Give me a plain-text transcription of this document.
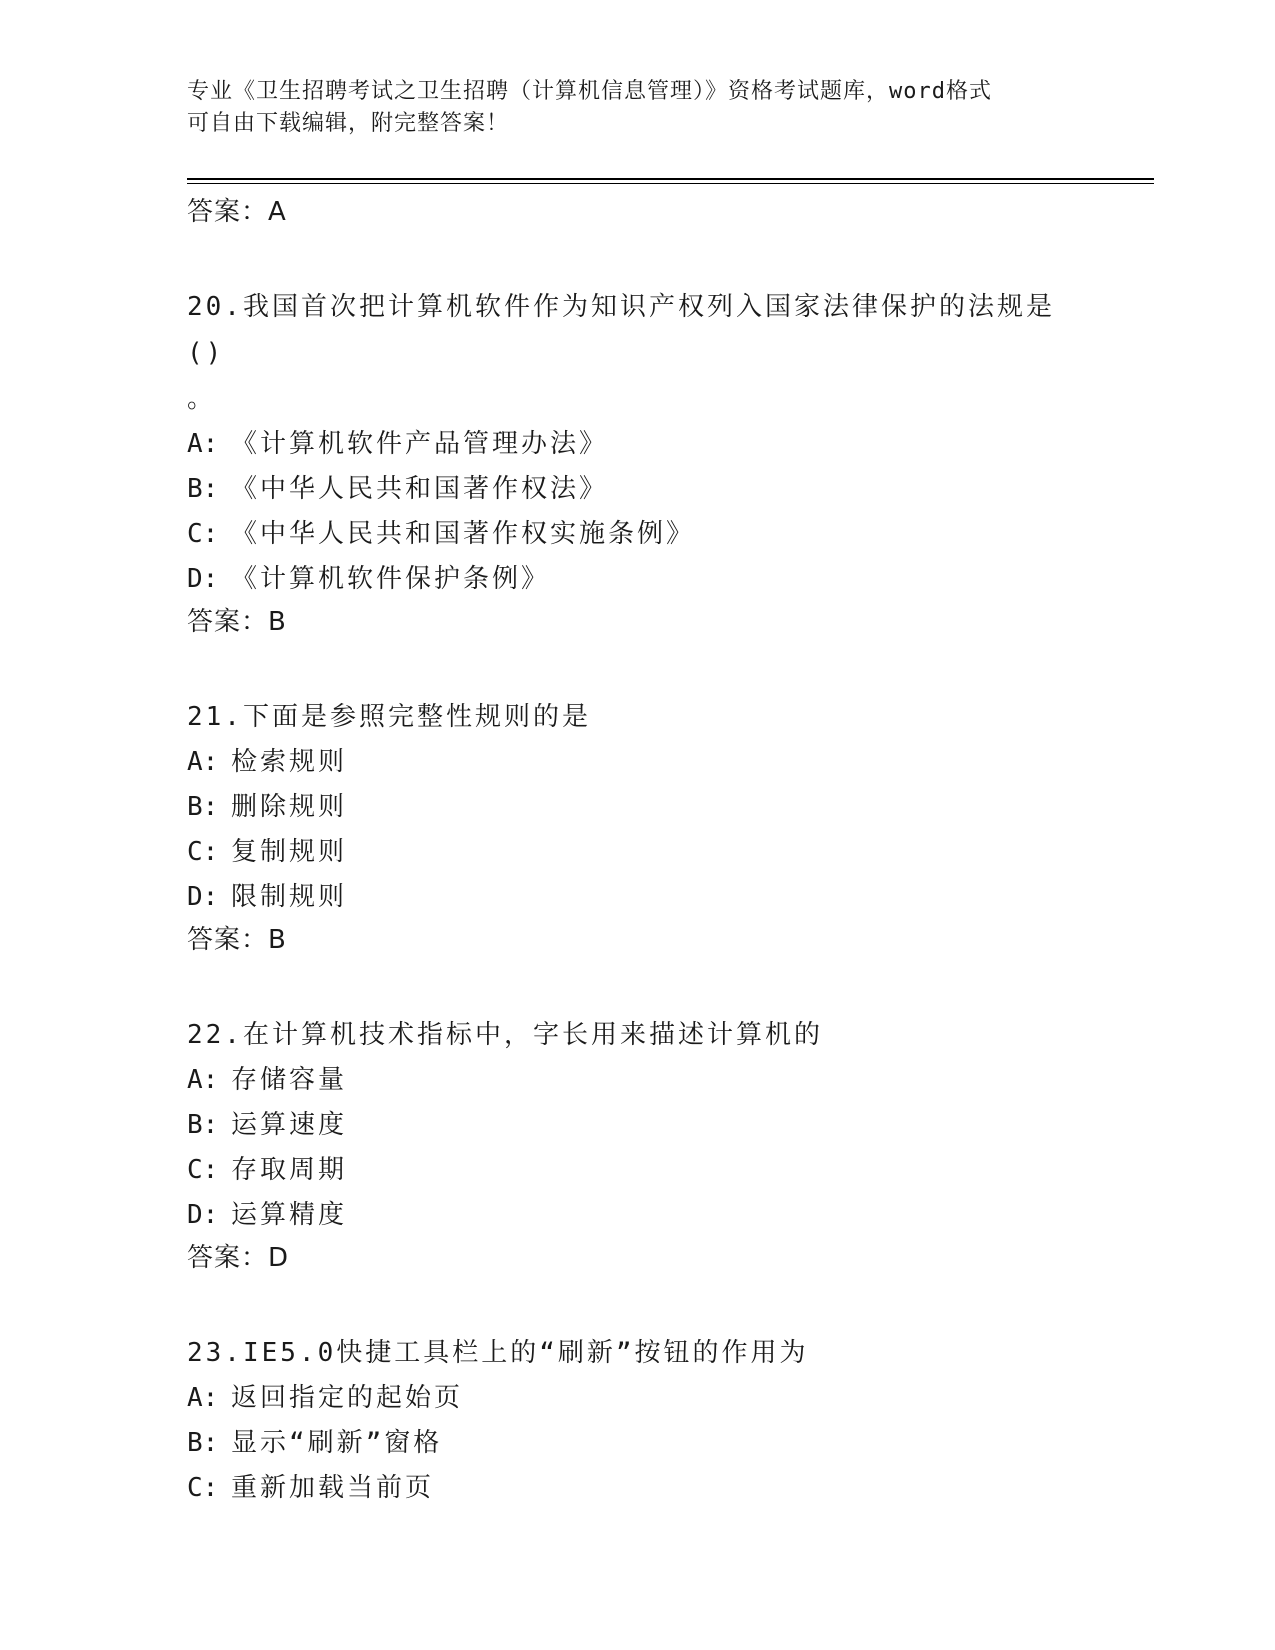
专业《卫生招聘考试之卫生招聘（计算机信息管理）》资格考试题库，word格式
可自由下载编辑，附完整答案！
答案：A
20.我国首次把计算机软件作为知识产权列入国家法律保护的法规是()
。
A: 《计算机软件产品管理办法》
B: 《中华人民共和国著作权法》
C: 《中华人民共和国著作权实施条例》
D: 《计算机软件保护条例》
答案：B
21.下面是参照完整性规则的是
A: 检索规则
B: 删除规则
C: 复制规则
D: 限制规则
答案：B
22.在计算机技术指标中，字长用来描述计算机的
A: 存储容量
B: 运算速度
C: 存取周期
D: 运算精度
答案：D
23.IE5.0快捷工具栏上的“刷新”按钮的作用为
A: 返回指定的起始页
B: 显示“刷新”窗格
C: 重新加载当前页
